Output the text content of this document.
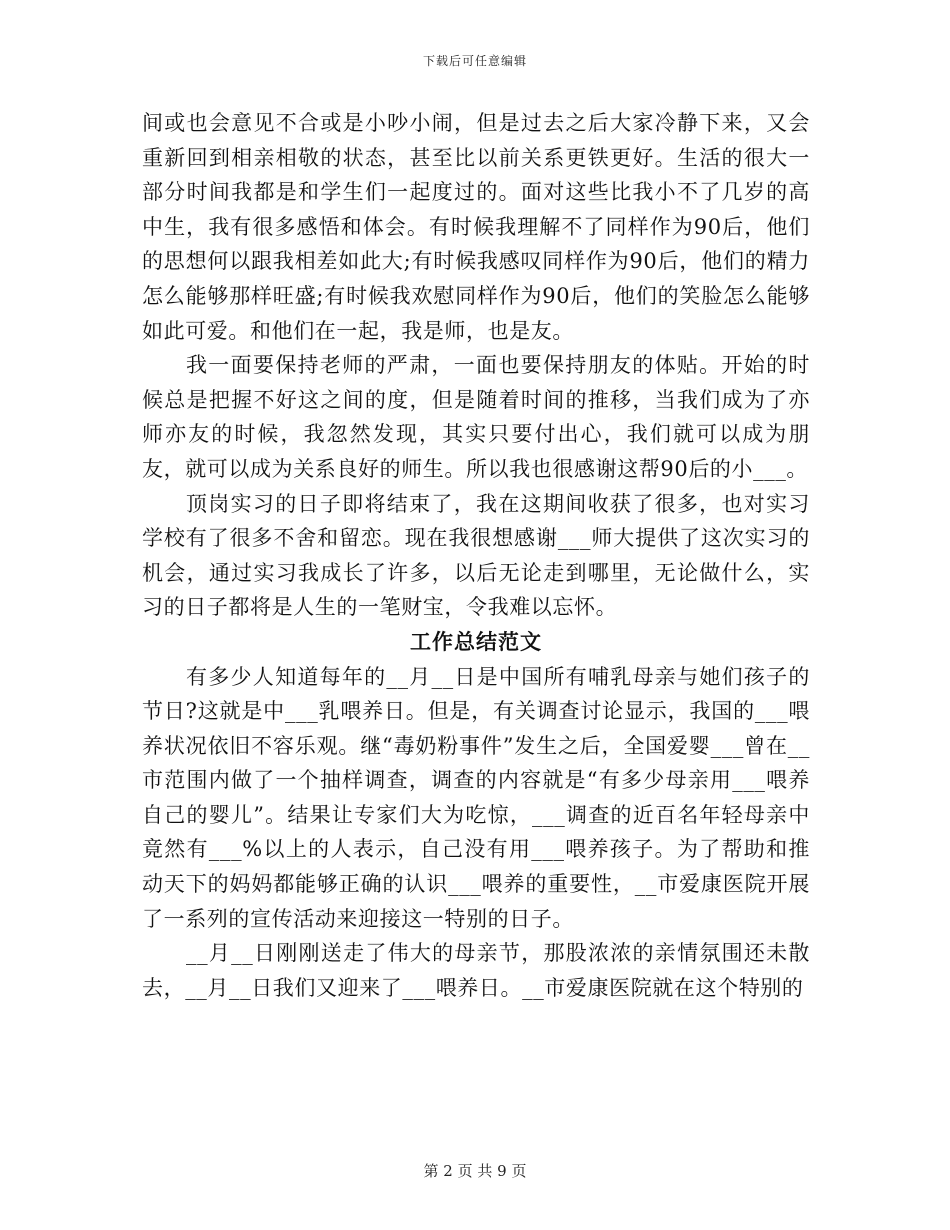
下载后可任意编辑

间或也会意见不合或是小吵小闹，但是过去之后大家冷静下来，又会重新回到相亲相敬的状态，甚至比以前关系更铁更好。生活的很大一部分时间我都是和学生们一起度过的。面对这些比我小不了几岁的高中生，我有很多感悟和体会。有时候我理解不了同样作为90后，他们的思想何以跟我相差如此大;有时候我感叹同样作为90后，他们的精力怎么能够那样旺盛;有时候我欢慰同样作为90后，他们的笑脸怎么能够如此可爱。和他们在一起，我是师，也是友。

我一面要保持老师的严肃，一面也要保持朋友的体贴。开始的时候总是把握不好这之间的度，但是随着时间的推移，当我们成为了亦师亦友的时候，我忽然发现，其实只要付出心，我们就可以成为朋友，就可以成为关系良好的师生。所以我也很感谢这帮90后的小___。

顶岗实习的日子即将结束了，我在这期间收获了很多，也对实习学校有了很多不舍和留恋。现在我很想感谢___师大提供了这次实习的机会，通过实习我成长了许多，以后无论走到哪里，无论做什么，实习的日子都将是人生的一笔财宝，令我难以忘怀。

工作总结范文

有多少人知道每年的__月__日是中国所有哺乳母亲与她们孩子的节日?这就是中___乳喂养日。但是，有关调查讨论显示，我国的___喂养状况依旧不容乐观。继“毒奶粉事件”发生之后，全国爱婴___曾在__市范围内做了一个抽样调查，调查的内容就是“有多少母亲用___喂养自己的婴儿”。结果让专家们大为吃惊，___调查的近百名年轻母亲中竟然有___%以上的人表示，自己没有用___喂养孩子。为了帮助和推动天下的妈妈都能够正确的认识___喂养的重要性，__市爱康医院开展了一系列的宣传活动来迎接这一特别的日子。

__月__日刚刚送走了伟大的母亲节，那股浓浓的亲情氛围还未散去，__月__日我们又迎来了___喂养日。__市爱康医院就在这个特别的

第 2 页 共 9 页
